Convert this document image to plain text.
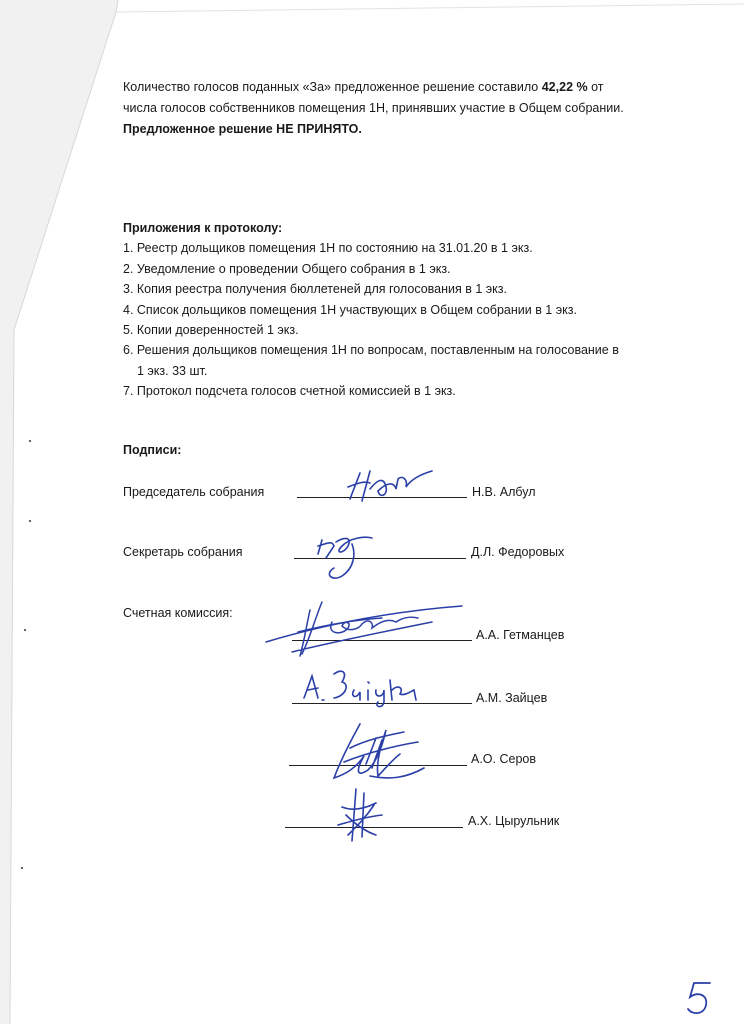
Количество голосов поданных «За» предложенное решение составило 42,22 % от
числа голосов собственников помещения 1Н, принявших участие в Общем собрании.
Предложенное решение НЕ ПРИНЯТО.
Приложения к протоколу:
1. Реестр дольщиков помещения 1Н по состоянию на 31.01.20 в 1 экз.
2. Уведомление о проведении Общего собрания в 1 экз.
3. Копия реестра получения бюллетеней для голосования в 1 экз.
4. Список дольщиков помещения 1Н участвующих в Общем собрании в 1 экз.
5. Копии доверенностей 1 экз.
6. Решения дольщиков помещения 1Н по вопросам, поставленным на голосование в
1 экз. 33 шт.
7. Протокол подсчета голосов счетной комиссией в 1 экз.
Подписи:
Председатель собрания	Н.В. Албул
Секретарь собрания	Д.Л. Федоровых
Счетная комиссия:
А.А. Гетманцев
А.М. Зайцев
А.О. Серов
А.Х. Цырульник
